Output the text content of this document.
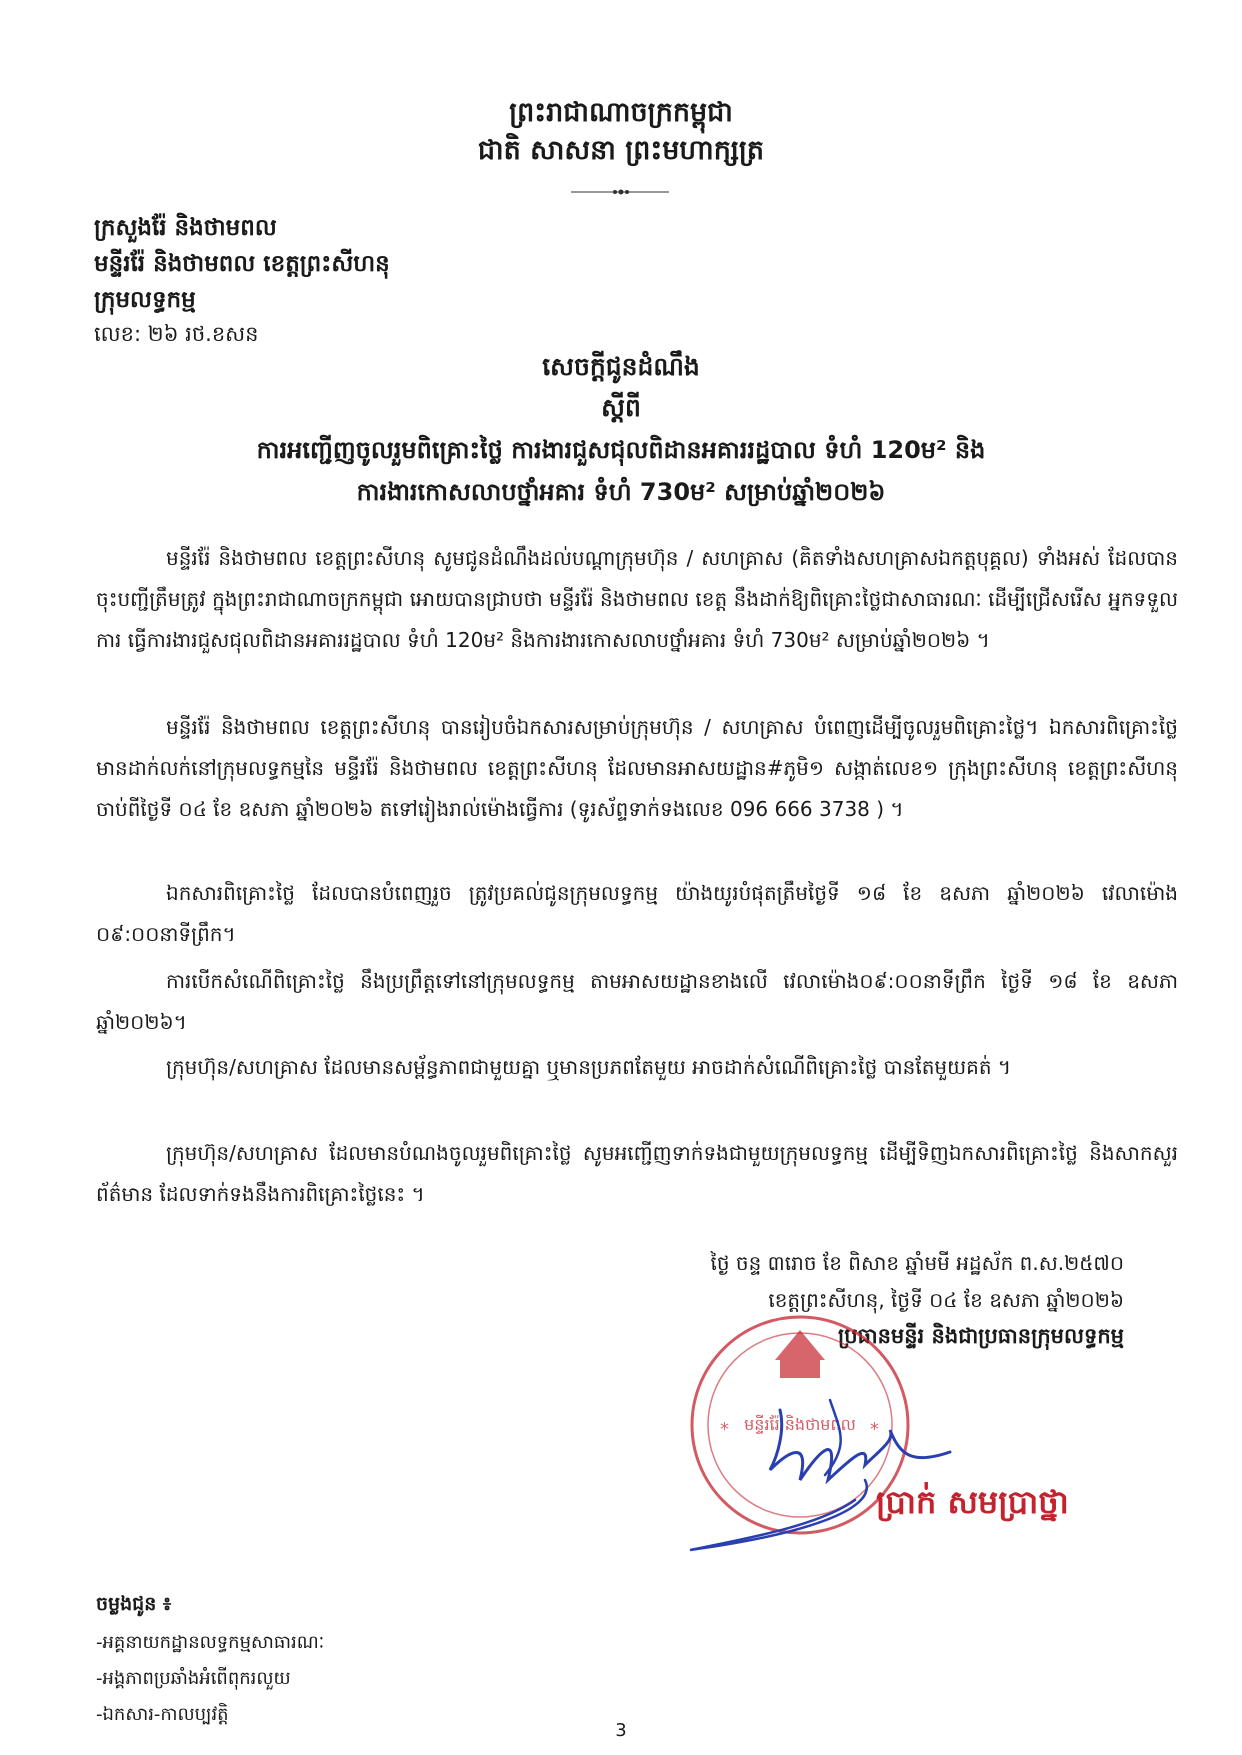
ព្រះរាជាណាចក្រកម្ពុជា
ជាតិ សាសនា ព្រះមហាក្សត្រ
ក្រសួងរ៉ែ និងថាមពល
មន្ទីររ៉ែ និងថាមពល ខេត្តព្រះសីហនុ
ក្រុមលទ្ធកម្ម
លេខ: ២៦ រថ.ខសន
សេចក្តីជូនដំណឹង
ស្តីពី
ការអញ្ជើញចូលរួមពិគ្រោះថ្លៃ ការងារជួសជុលពិដានអគាររដ្ឋបាល ទំហំ 120ម² និង
ការងារកោសលាបថ្នាំអគារ ទំហំ 730ម² សម្រាប់ឆ្នាំ២០២៦
មន្ទីររ៉ែ និងថាមពល ខេត្តព្រះសីហនុ សូមជូនដំណឹងដល់បណ្តាក្រុមហ៊ុន / សហគ្រាស (គិតទាំងសហគ្រាសឯកត្តបុគ្គល) ទាំងអស់ ដែលបានចុះបញ្ជីត្រឹមត្រូវ ក្នុងព្រះរាជាណាចក្រកម្ពុជា អោយបានជ្រាបថា មន្ទីររ៉ែ និងថាមពល ខេត្ត នឹងដាក់ឱ្យពិគ្រោះថ្លៃជាសាធារណៈ ដើម្បីជ្រើសរើស អ្នកទទួលការ ធ្វើការងារជួសជុលពិដានអគាររដ្ឋបាល ទំហំ 120ម² និងការងារកោសលាបថ្នាំអគារ ទំហំ 730ម² សម្រាប់ឆ្នាំ២០២៦ ។
មន្ទីររ៉ែ និងថាមពល ខេត្តព្រះសីហនុ បានរៀបចំឯកសារសម្រាប់ក្រុមហ៊ុន / សហគ្រាស បំពេញដើម្បីចូលរួមពិគ្រោះថ្លៃ។ ឯកសារពិគ្រោះថ្លៃ មានដាក់លក់នៅក្រុមលទ្ធកម្មនៃ មន្ទីររ៉ែ និងថាមពល ខេត្តព្រះសីហនុ ដែលមានអាសយដ្ឋាន#ភូមិ១ សង្កាត់លេខ១ ក្រុងព្រះសីហនុ ខេត្តព្រះសីហនុ ចាប់ពីថ្ងៃទី ០៤ ខែ ឧសភា ឆ្នាំ២០២៦ តទៅរៀងរាល់ម៉ោងធ្វើការ (ទូរស័ព្ទទាក់ទងលេខ 096 666 3738 ) ។
ឯកសារពិគ្រោះថ្លៃ ដែលបានបំពេញរួច ត្រូវប្រគល់ជូនក្រុមលទ្ធកម្ម យ៉ាងយូរបំផុតត្រឹមថ្ងៃទី ១៨ ខែ ឧសភា ឆ្នាំ២០២៦ វេលាម៉ោង ០៩:០០នាទីព្រឹក។
ការបើកសំណើពិគ្រោះថ្លៃ នឹងប្រព្រឹត្តទៅនៅក្រុមលទ្ធកម្ម តាមអាសយដ្ឋានខាងលើ វេលាម៉ោង០៩:០០នាទីព្រឹក ថ្ងៃទី ១៨ ខែ ឧសភា ឆ្នាំ២០២៦។
ក្រុមហ៊ុន/សហគ្រាស ដែលមានសម្ព័ន្ធភាពជាមួយគ្នា ឬមានប្រភពតែមួយ អាចដាក់សំណើពិគ្រោះថ្លៃ បានតែមួយគត់ ។
ក្រុមហ៊ុន/សហគ្រាស ដែលមានបំណងចូលរួមពិគ្រោះថ្លៃ សូមអញ្ជើញទាក់ទងជាមួយក្រុមលទ្ធកម្ម ដើម្បីទិញឯកសារពិគ្រោះថ្លៃ និងសាកសួរព័ត៌មាន ដែលទាក់ទងនឹងការពិគ្រោះថ្លៃនេះ ។
ថ្ងៃ ចន្ទ ៣រោច ខែ ពិសាខ ឆ្នាំមមី អដ្ឋស័ក ព.ស.២៥៧០
ខេត្តព្រះសីហនុ, ថ្ងៃទី ០៤ ខែ ឧសភា ឆ្នាំ២០២៦
ប្រធានមន្ទីរ និងជាប្រធានក្រុមលទ្ធកម្ម
មន្ទីររ៉ែ និងថាមពល
*	*
ប្រាក់ សមប្រាថ្នា
ចម្លងជូន ៖
-អគ្គនាយកដ្ឋានលទ្ធកម្មសាធារណៈ
-អង្គភាពប្រឆាំងអំពើពុករលួយ
-ឯកសារ-កាលប្បវត្តិ
3
